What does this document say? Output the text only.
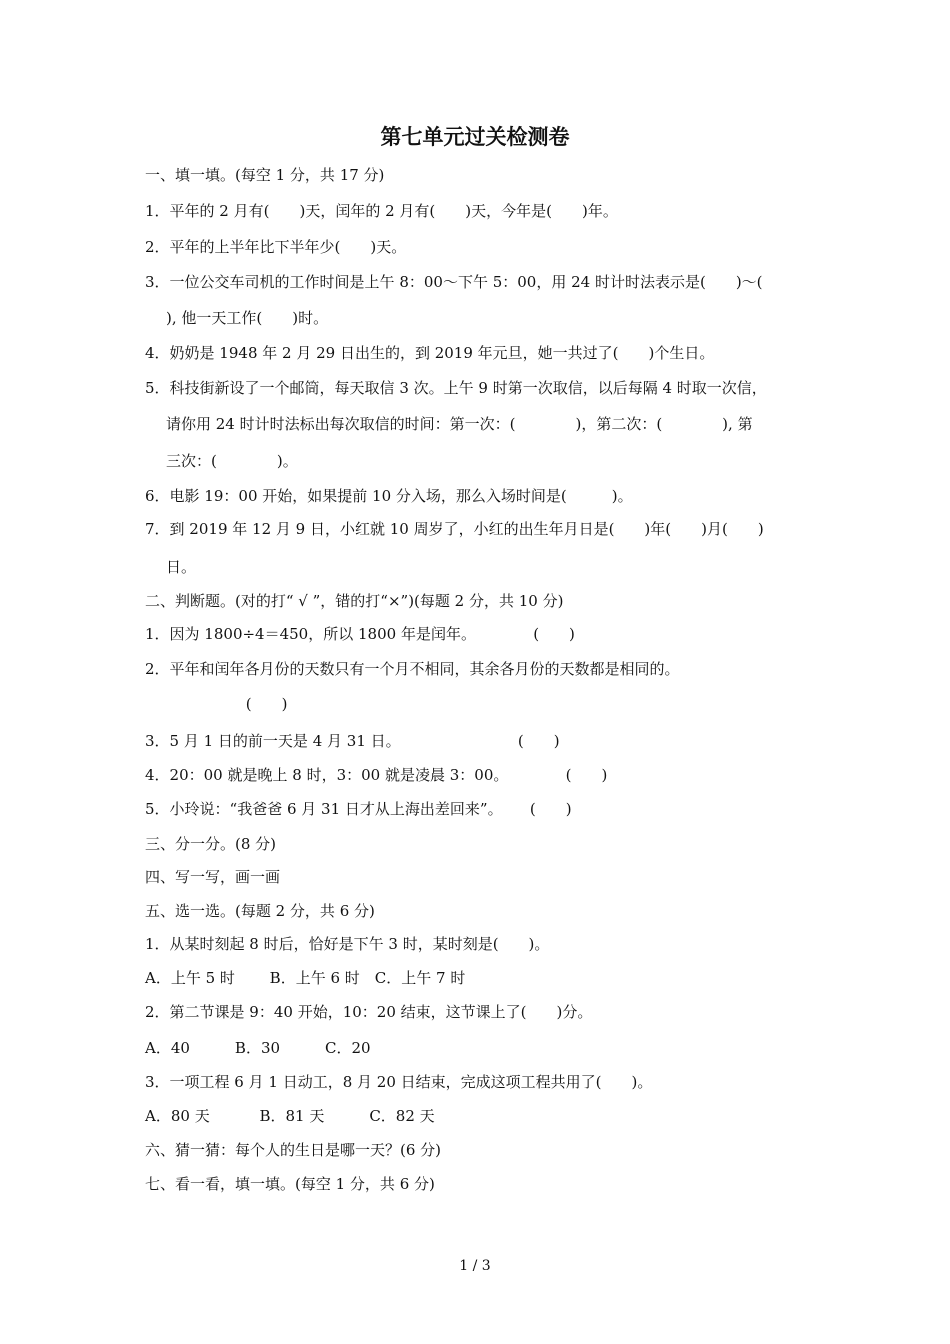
第七单元过关检测卷
一、填一填。(每空 1 分，共 17 分)
1．平年的 2 月有(　　)天，闰年的 2 月有(　　)天，今年是(　　)年。
2．平年的上半年比下半年少(　　)天。
3．一位公交车司机的工作时间是上午 8：00～下午 5：00，用 24 时计时法表示是(　　)～(
), 他一天工作(　　)时。
4．奶奶是 1948 年 2 月 29 日出生的，到 2019 年元旦，她一共过了(　　)个生日。
5．科技街新设了一个邮筒，每天取信 3 次。上午 9 时第一次取信，以后每隔 4 时取一次信，
请你用 24 时计时法标出每次取信的时间：第一次：(　　　　)，第二次：(　　　　), 第
三次：(　　　　)。
6．电影 19：00 开始，如果提前 10 分入场，那么入场时间是(　　　)。
7．到 2019 年 12 月 9 日，小红就 10 周岁了，小红的出生年月日是(　　)年(　　)月(　　)
日。
二、判断题。(对的打“ √ ”，错的打“×”)(每题 2 分，共 10 分)
1．因为 1800÷4＝450，所以 1800 年是闰年。　　　　 (　　)
2．平年和闰年各月份的天数只有一个月不相同，其余各月份的天数都是相同的。
　　　　　 (　　)
3．5 月 1 日的前一天是 4 月 31 日。　　　　　　　　 (　　)
4．20：00 就是晚上 8 时，3：00 就是凌晨 3：00。　　　　 (　　)
5．小玲说：“我爸爸 6 月 31 日才从上海出差回来”。　　 (　　)
三、分一分。(8 分)
四、写一写，画一画
五、选一选。(每题 2 分，共 6 分)
1．从某时刻起 8 时后，恰好是下午 3 时，某时刻是(　　)。
A．上午 5 时　　 B．上午 6 时　C．上午 7 时
2．第二节课是 9：40 开始，10：20 结束，这节课上了(　　)分。
A．40　　　B．30　　　C．20
3．一项工程 6 月 1 日动工，8 月 20 日结束，完成这项工程共用了(　　)。
A．80 天　　　 B．81 天　　　C．82 天
六、猜一猜：每个人的生日是哪一天？(6 分)
七、看一看，填一填。(每空 1 分，共 6 分)
1 / 3
